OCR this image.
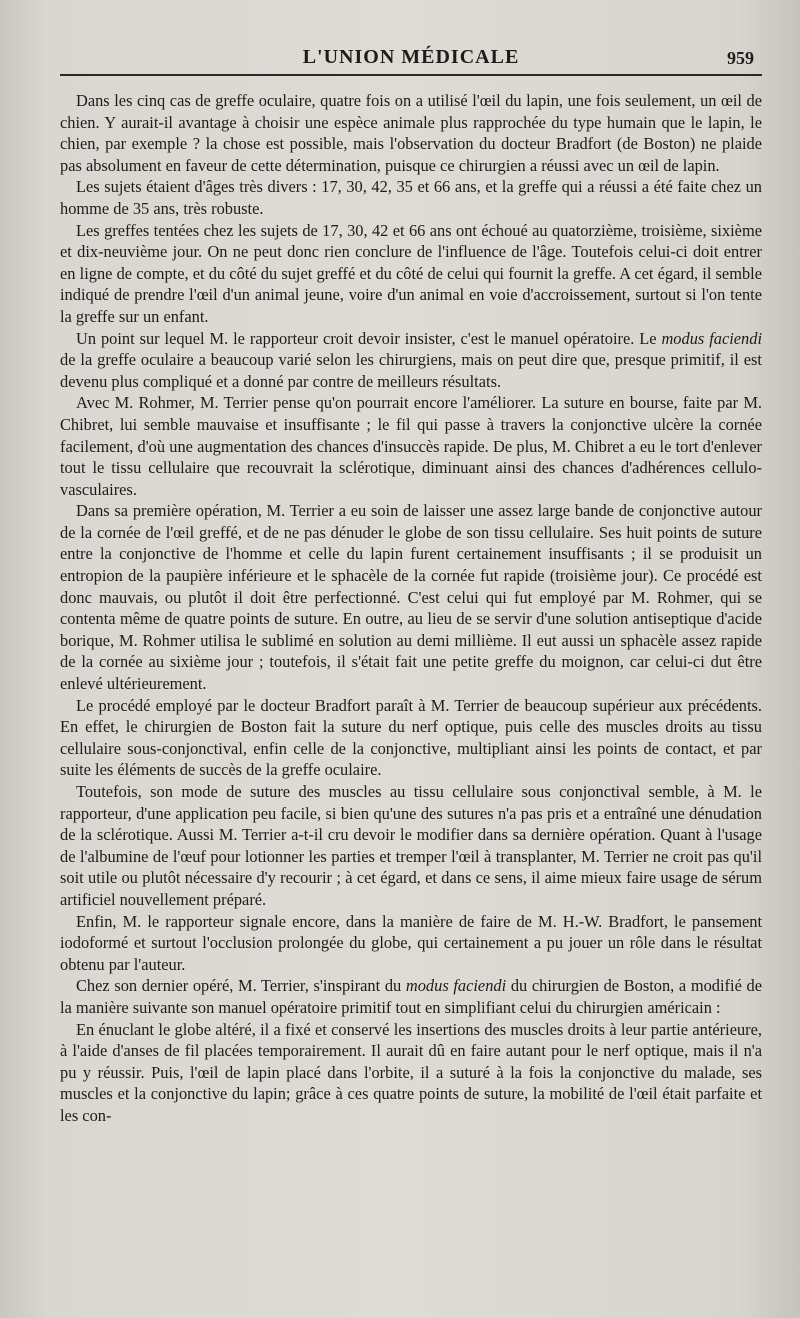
L'UNION MÉDICALE	959

Dans les cinq cas de greffe oculaire, quatre fois on a utilisé l'œil du lapin, une fois seulement, un œil de chien. Y aurait-il avantage à choisir une espèce animale plus rapprochée du type humain que le lapin, le chien, par exemple ? la chose est possible, mais l'observation du docteur Bradfort (de Boston) ne plaide pas absolument en faveur de cette détermination, puisque ce chirurgien a réussi avec un œil de lapin.

Les sujets étaient d'âges très divers : 17, 30, 42, 35 et 66 ans, et la greffe qui a réussi a été faite chez un homme de 35 ans, très robuste.

Les greffes tentées chez les sujets de 17, 30, 42 et 66 ans ont échoué au quatorzième, troisième, sixième et dix-neuvième jour. On ne peut donc rien conclure de l'influence de l'âge. Toutefois celui-ci doit entrer en ligne de compte, et du côté du sujet greffé et du côté de celui qui fournit la greffe. A cet égard, il semble indiqué de prendre l'œil d'un animal jeune, voire d'un animal en voie d'accroissement, surtout si l'on tente la greffe sur un enfant.

Un point sur lequel M. le rapporteur croit devoir insister, c'est le manuel opératoire. Le modus faciendi de la greffe oculaire a beaucoup varié selon les chirurgiens, mais on peut dire que, presque primitif, il est devenu plus compliqué et a donné par contre de meilleurs résultats.

Avec M. Rohmer, M. Terrier pense qu'on pourrait encore l'améliorer. La suture en bourse, faite par M. Chibret, lui semble mauvaise et insuffisante ; le fil qui passe à travers la conjonctive ulcère la cornée facilement, d'où une augmentation des chances d'insuccès rapide. De plus, M. Chibret a eu le tort d'enlever tout le tissu cellulaire que recouvrait la sclérotique, diminuant ainsi des chances d'adhérences cellulo-vasculaires.

Dans sa première opération, M. Terrier a eu soin de laisser une assez large bande de conjonctive autour de la cornée de l'œil greffé, et de ne pas dénuder le globe de son tissu cellulaire. Ses huit points de suture entre la conjonctive de l'homme et celle du lapin furent certainement insuffisants ; il se produisit un entropion de la paupière inférieure et le sphacèle de la cornée fut rapide (troisième jour). Ce procédé est donc mauvais, ou plutôt il doit être perfectionné. C'est celui qui fut employé par M. Rohmer, qui se contenta même de quatre points de suture. En outre, au lieu de se servir d'une solution antiseptique d'acide borique, M. Rohmer utilisa le sublimé en solution au demi millième. Il eut aussi un sphacèle assez rapide de la cornée au sixième jour ; toutefois, il s'était fait une petite greffe du moignon, car celui-ci dut être enlevé ultérieurement.

Le procédé employé par le docteur Bradfort paraît à M. Terrier de beaucoup supérieur aux précédents. En effet, le chirurgien de Boston fait la suture du nerf optique, puis celle des muscles droits au tissu cellulaire sous-conjonctival, enfin celle de la conjonctive, multipliant ainsi les points de contact, et par suite les éléments de succès de la greffe oculaire.

Toutefois, son mode de suture des muscles au tissu cellulaire sous conjonctival semble, à M. le rapporteur, d'une application peu facile, si bien qu'une des sutures n'a pas pris et a entraîné une dénudation de la sclérotique. Aussi M. Terrier a-t-il cru devoir le modifier dans sa dernière opération. Quant à l'usage de l'albumine de l'œuf pour lotionner les parties et tremper l'œil à transplanter, M. Terrier ne croit pas qu'il soit utile ou plutôt nécessaire d'y recourir ; à cet égard, et dans ce sens, il aime mieux faire usage de sérum artificiel nouvellement préparé.

Enfin, M. le rapporteur signale encore, dans la manière de faire de M. H.-W. Bradfort, le pansement iodoformé et surtout l'occlusion prolongée du globe, qui certainement a pu jouer un rôle dans le résultat obtenu par l'auteur.

Chez son dernier opéré, M. Terrier, s'inspirant du modus faciendi du chirurgien de Boston, a modifié de la manière suivante son manuel opératoire primitif tout en simplifiant celui du chirurgien américain :

En énuclant le globe altéré, il a fixé et conservé les insertions des muscles droits à leur partie antérieure, à l'aide d'anses de fil placées temporairement. Il aurait dû en faire autant pour le nerf optique, mais il n'a pu y réussir. Puis, l'œil de lapin placé dans l'orbite, il a suturé à la fois la conjonctive du malade, ses muscles et la conjonctive du lapin; grâce à ces quatre points de suture, la mobilité de l'œil était parfaite et les con-
